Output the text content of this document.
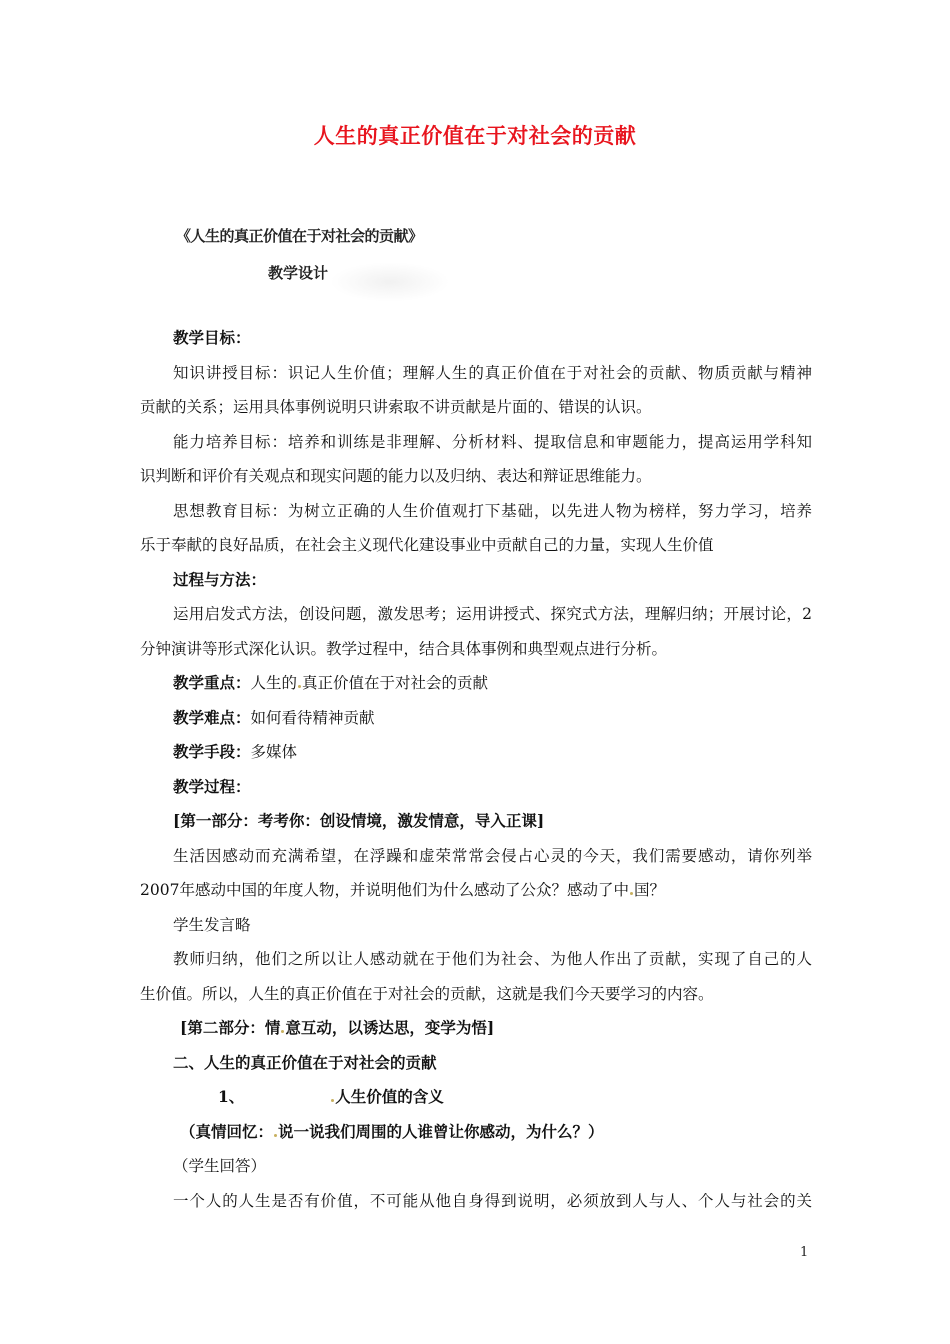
人生的真正价值在于对社会的贡献
《人生的真正价值在于对社会的贡献》
教学设计
教学目标：
知识讲授目标：识记人生价值；理解人生的真正价值在于对社会的贡献、物质贡献与精神
贡献的关系；运用具体事例说明只讲索取不讲贡献是片面的、错误的认识。
能力培养目标：培养和训练是非理解、分析材料、提取信息和审题能力，提高运用学科知
识判断和评价有关观点和现实问题的能力以及归纳、表达和辩证思维能力。
思想教育目标：为树立正确的人生价值观打下基础，以先进人物为榜样，努力学习，培养
乐于奉献的良好品质，在社会主义现代化建设事业中贡献自己的力量，实现人生价值
过程与方法：
运用启发式方法，创设问题，激发思考；运用讲授式、探究式方法，理解归纳；开展讨论，2
分钟演讲等形式深化认识。教学过程中，结合具体事例和典型观点进行分析。
教学重点：人生的 真正价值在于对社会的贡献
教学难点：如何看待精神贡献
教学手段：多媒体
教学过程：
[第一部分：考考你：创设情境，激发情意，导入正课]
生活因感动而充满希望，在浮躁和虚荣常常会侵占心灵的今天，我们需要感动，请你列举
2007年感动中国的年度人物，并说明他们为什么感动了公众？感动了中 国？
学生发言略
教师归纳，他们之所以让人感动就在于他们为社会、为他人作出了贡献，实现了自己的人
生价值。所以，人生的真正价值在于对社会的贡献，这就是我们今天要学习的内容。
[第二部分：情 意互动，以诱达思，变学为悟]
二、人生的真正价值在于对社会的贡献
1、	人生价值的含义
（真情回忆： 说一说我们周围的人谁曾让你感动，为什么？）
（学生回答）
一个人的人生是否有价值，不可能从他自身得到说明，必须放到人与人、个人与社会的关
1
